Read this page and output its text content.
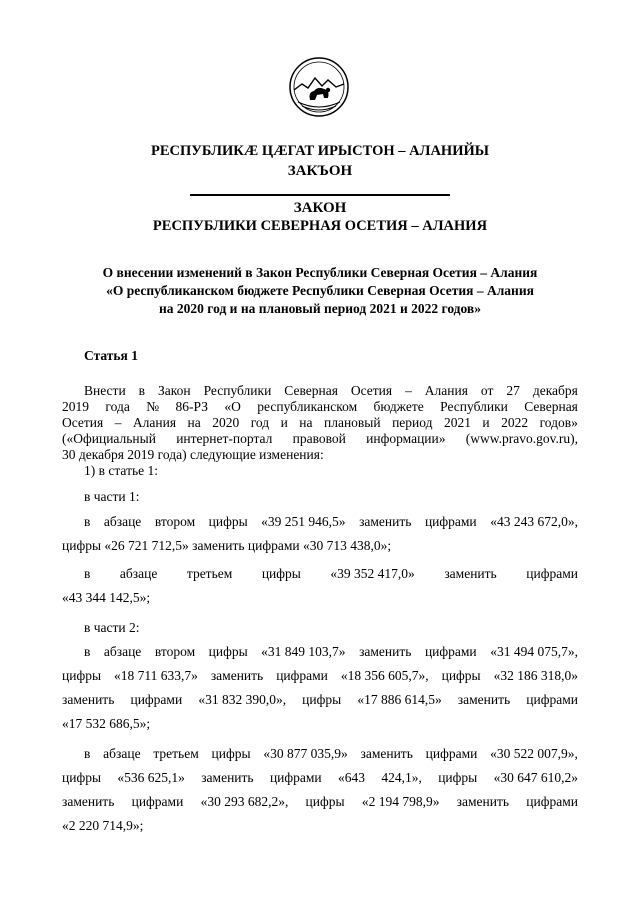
РЕСПУБЛИКӔ ЦӔГАТ ИРЫСТОН – АЛАНИЙЫ
ЗАКЪОН
ЗАКОН
РЕСПУБЛИКИ СЕВЕРНАЯ ОСЕТИЯ – АЛАНИЯ
О внесении изменений в Закон Республики Северная Осетия – Алания
«О республиканском бюджете Республики Северная Осетия – Алания
на 2020 год и на плановый период 2021 и 2022 годов»
Статья 1
Внести в Закон Республики Северная Осетия – Алания от 27 декабря
2019 года № 86-РЗ «О республиканском бюджете Республики Северная
Осетия – Алания на 2020 год и на плановый период 2021 и 2022 годов»
(«Официальный интернет-портал правовой информации» (www.pravo.gov.ru),
30 декабря 2019 года) следующие изменения:
1) в статье 1:
в части 1:
в абзаце втором цифры «39 251 946,5» заменить цифрами «43 243 672,0»,
цифры «26 721 712,5» заменить цифрами «30 713 438,0»;
в абзаце третьем цифры «39 352 417,0» заменить цифрами
«43 344 142,5»;
в части 2:
в абзаце втором цифры «31 849 103,7» заменить цифрами «31 494 075,7»,
цифры «18 711 633,7» заменить цифрами «18 356 605,7», цифры «32 186 318,0»
заменить цифрами «31 832 390,0», цифры «17 886 614,5» заменить цифрами
«17 532 686,5»;
в абзаце третьем цифры «30 877 035,9» заменить цифрами «30 522 007,9»,
цифры «536 625,1» заменить цифрами «643 424,1», цифры «30 647 610,2»
заменить цифрами «30 293 682,2», цифры «2 194 798,9» заменить цифрами
«2 220 714,9»;
